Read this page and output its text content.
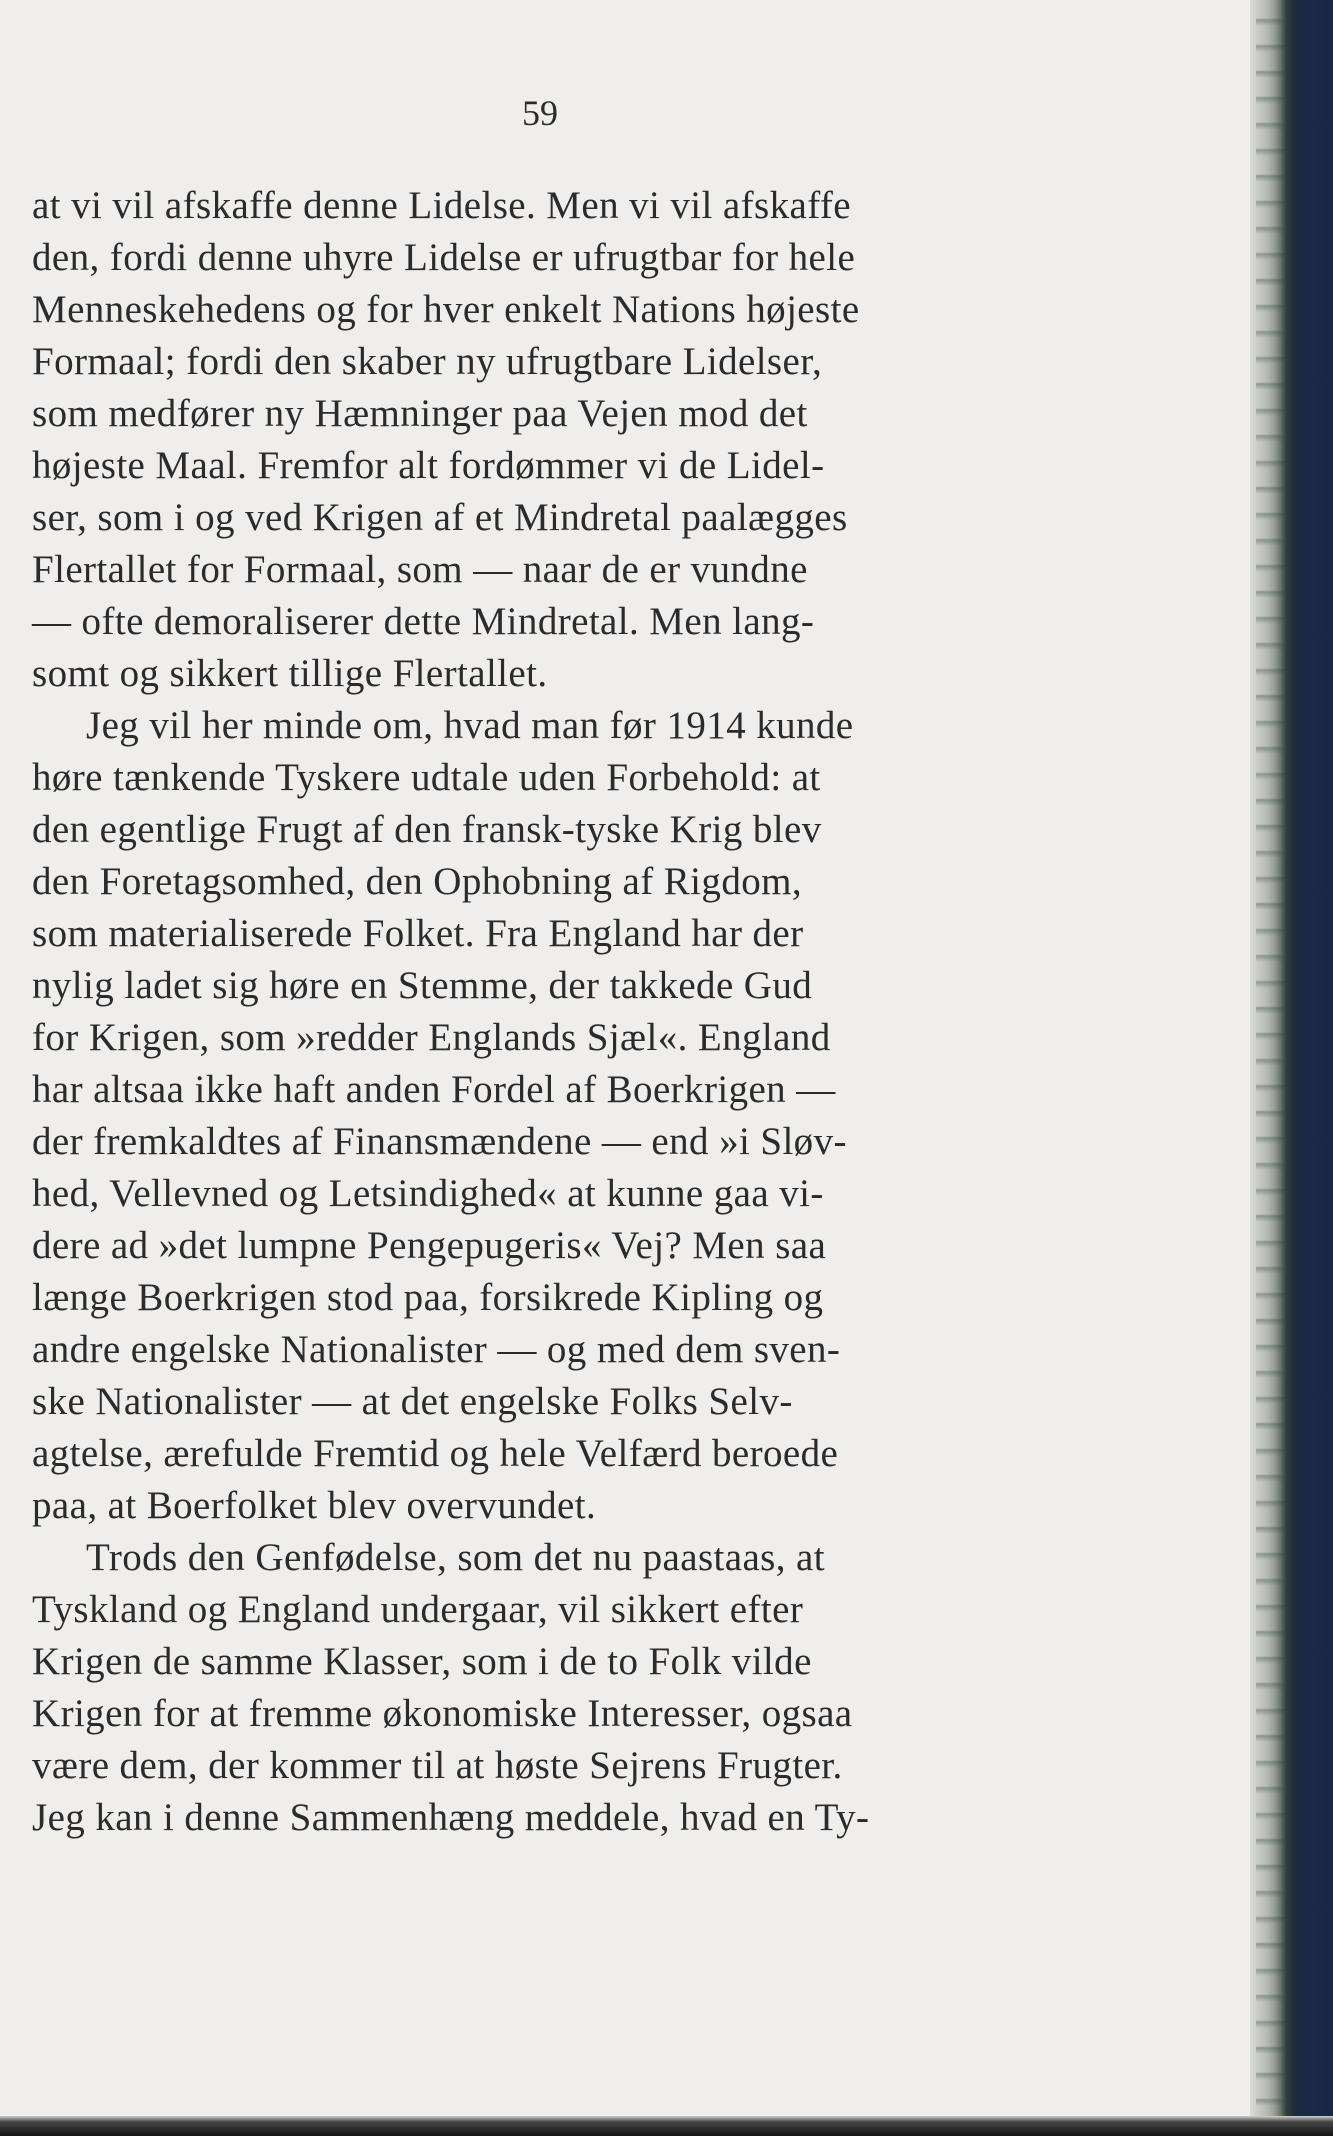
59

at vi vil afskaffe denne Lidelse. Men vi vil afskaffe
den, fordi denne uhyre Lidelse er ufrugtbar for hele
Menneskehedens og for hver enkelt Nations højeste
Formaal; fordi den skaber ny ufrugtbare Lidelser,
som medfører ny Hæmninger paa Vejen mod det
højeste Maal. Fremfor alt fordømmer vi de Lidel-
ser, som i og ved Krigen af et Mindretal paalægges
Flertallet for Formaal, som — naar de er vundne
— ofte demoraliserer dette Mindretal. Men lang-
somt og sikkert tillige Flertallet.
Jeg vil her minde om, hvad man før 1914 kunde
høre tænkende Tyskere udtale uden Forbehold: at
den egentlige Frugt af den fransk-tyske Krig blev
den Foretagsomhed, den Ophobning af Rigdom,
som materialiserede Folket. Fra England har der
nylig ladet sig høre en Stemme, der takkede Gud
for Krigen, som »redder Englands Sjæl«. England
har altsaa ikke haft anden Fordel af Boerkrigen —
der fremkaldtes af Finansmændene — end »i Sløv-
hed, Vellevned og Letsindighed« at kunne gaa vi-
dere ad »det lumpne Pengepugeris« Vej? Men saa
længe Boerkrigen stod paa, forsikrede Kipling og
andre engelske Nationalister — og med dem sven-
ske Nationalister — at det engelske Folks Selv-
agtelse, ærefulde Fremtid og hele Velfærd beroede
paa, at Boerfolket blev overvundet.
Trods den Genfødelse, som det nu paastaas, at
Tyskland og England undergaar, vil sikkert efter
Krigen de samme Klasser, som i de to Folk vilde
Krigen for at fremme økonomiske Interesser, ogsaa
være dem, der kommer til at høste Sejrens Frugter.
Jeg kan i denne Sammenhæng meddele, hvad en Ty-
